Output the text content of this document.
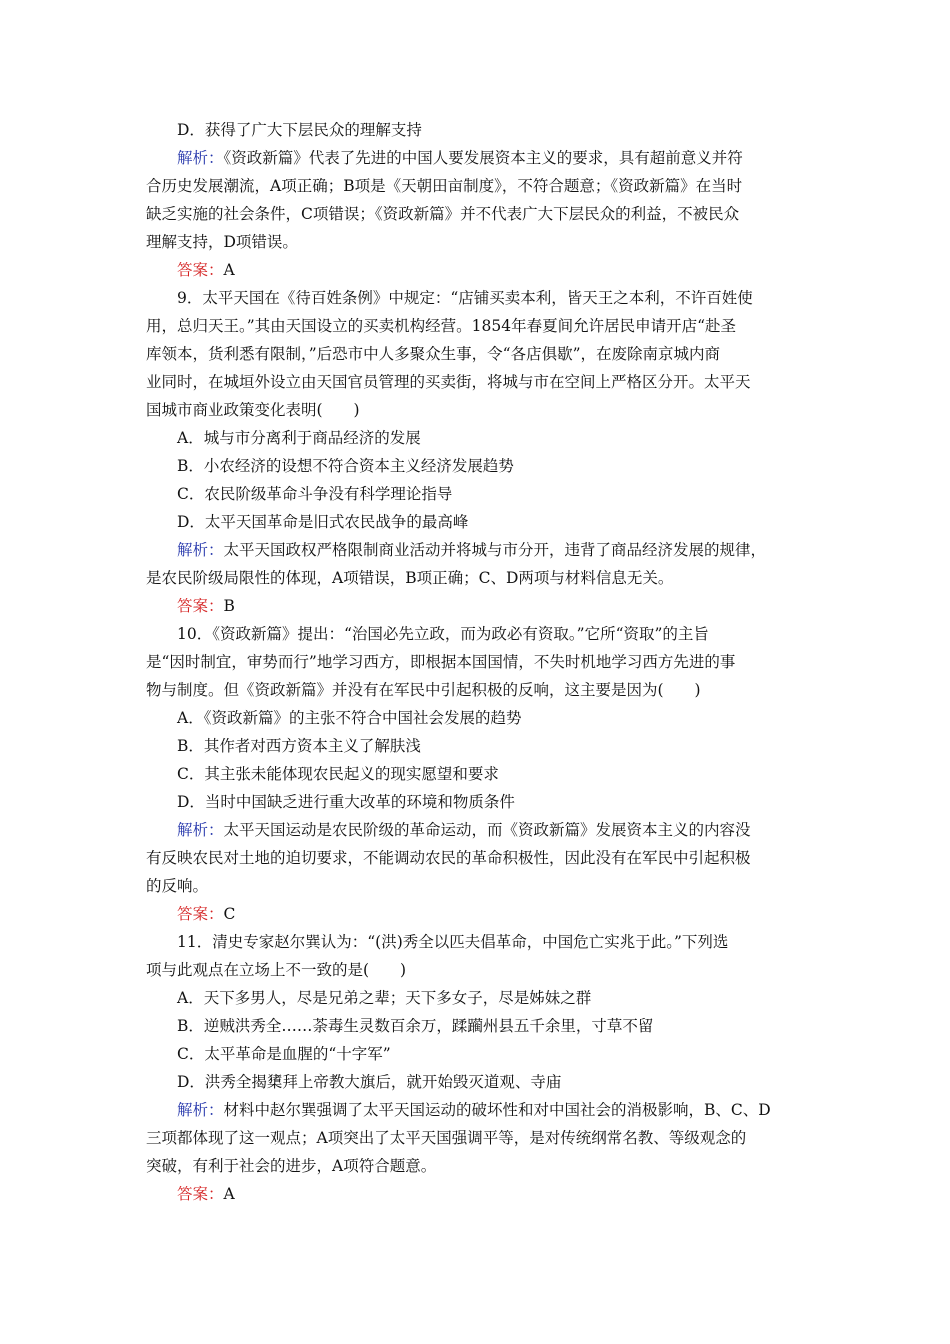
D．获得了广大下层民众的理解支持
解析：《资政新篇》代表了先进的中国人要发展资本主义的要求，具有超前意义并符
合历史发展潮流，A项正确；B项是《天朝田亩制度》，不符合题意；《资政新篇》在当时
缺乏实施的社会条件，C项错误；《资政新篇》并不代表广大下层民众的利益，不被民众
理解支持，D项错误。
答案：A
9．太平天国在《待百姓条例》中规定：“店铺买卖本利，皆天王之本利，不许百姓使
用，总归天王。”其由天国设立的买卖机构经营。1854年春夏间允许居民申请开店“赴圣
库领本，货利悉有限制，”后恐市中人多聚众生事，令“各店俱歇”，在废除南京城内商
业同时，在城垣外设立由天国官员管理的买卖街，将城与市在空间上严格区分开。太平天
国城市商业政策变化表明(　　)
A．城与市分离利于商品经济的发展
B．小农经济的设想不符合资本主义经济发展趋势
C．农民阶级革命斗争没有科学理论指导
D．太平天国革命是旧式农民战争的最高峰
解析：太平天国政权严格限制商业活动并将城与市分开，违背了商品经济发展的规律，
是农民阶级局限性的体现，A项错误，B项正确；C、D两项与材料信息无关。
答案：B
10．《资政新篇》提出：“治国必先立政，而为政必有资取。”它所“资取”的主旨
是“因时制宜，审势而行”地学习西方，即根据本国国情，不失时机地学习西方先进的事
物与制度。但《资政新篇》并没有在军民中引起积极的反响，这主要是因为(　　)
A．《资政新篇》的主张不符合中国社会发展的趋势
B．其作者对西方资本主义了解肤浅
C．其主张未能体现农民起义的现实愿望和要求
D．当时中国缺乏进行重大改革的环境和物质条件
解析：太平天国运动是农民阶级的革命运动，而《资政新篇》发展资本主义的内容没
有反映农民对土地的迫切要求，不能调动农民的革命积极性，因此没有在军民中引起积极
的反响。
答案：C
11．清史专家赵尔巽认为：“(洪)秀全以匹夫倡革命，中国危亡实兆于此。”下列选
项与此观点在立场上不一致的是(　　)
A．天下多男人，尽是兄弟之辈；天下多女子，尽是姊妹之群
B．逆贼洪秀全……荼毒生灵数百余万，蹂躏州县五千余里，寸草不留
C．太平革命是血腥的“十字军”
D．洪秀全揭橥拜上帝教大旗后，就开始毁灭道观、寺庙
解析：材料中赵尔巽强调了太平天国运动的破坏性和对中国社会的消极影响，B、C、D
三项都体现了这一观点；A项突出了太平天国强调平等，是对传统纲常名教、等级观念的
突破，有利于社会的进步，A项符合题意。
答案：A
